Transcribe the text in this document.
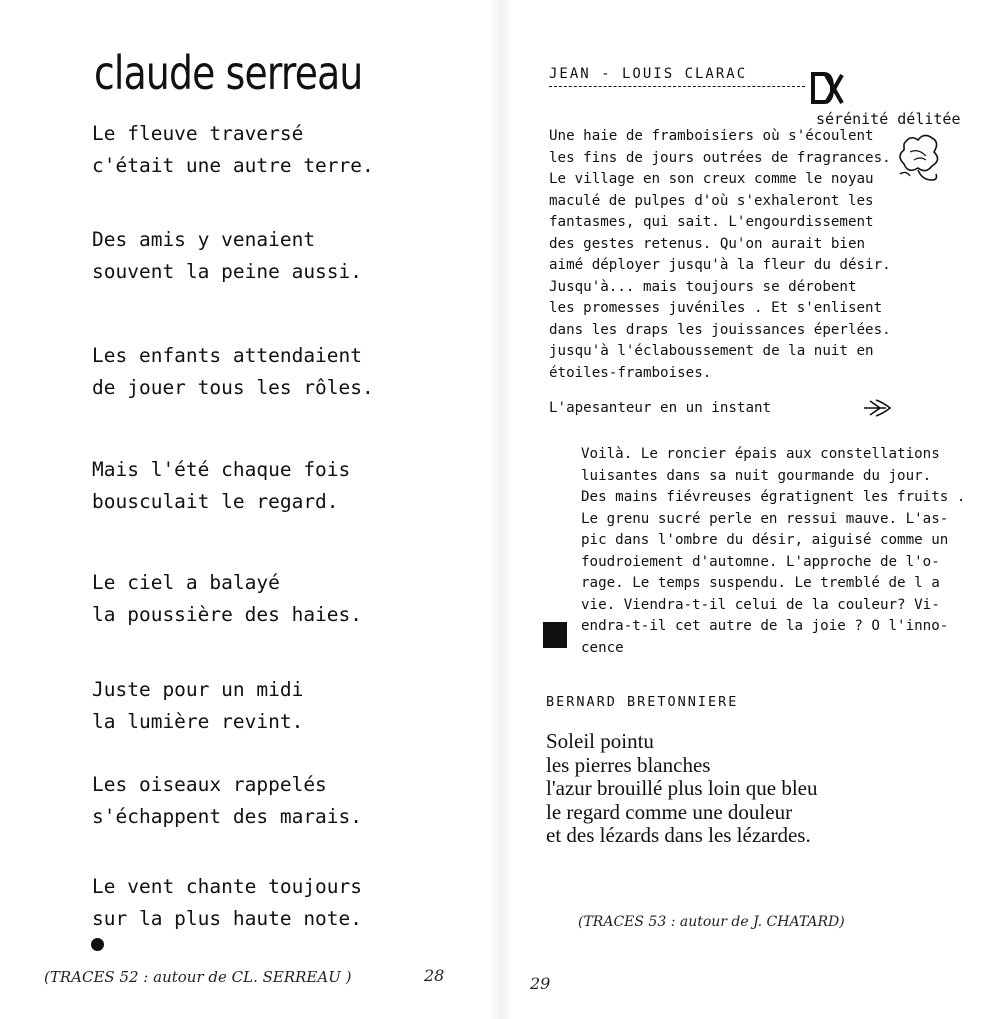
claude serreau
Le fleuve traversé
c'était une autre terre.
Des amis y venaient
souvent la peine aussi.
Les enfants attendaient
de jouer tous les rôles.
Mais l'été chaque fois
bousculait le regard.
Le ciel a balayé
la poussière des haies.
Juste pour un midi
la lumière revint.
Les oiseaux rappelés
s'échappent des marais.
Le vent chante toujours
sur la plus haute note.
(TRACES 52 : autour de CL. SERREAU )	28
JEAN - LOUIS CLARAC
sérénité délitée
Une haie de framboisiers où s'écoulent
les fins de jours outrées de fragrances.
Le village en son creux comme le noyau
maculé de pulpes d'où s'exhaleront les
fantasmes, qui sait. L'engourdissement
des gestes retenus. Qu'on aurait bien
aimé déployer jusqu'à la fleur du désir.
Jusqu'à... mais toujours se dérobent
les promesses juvéniles . Et s'enlisent
dans les draps les jouissances éperlées.
jusqu'à l'éclaboussement de la nuit en
étoiles-framboises.
L'apesanteur en un instant
Voilà. Le roncier épais aux constellations
luisantes dans sa nuit gourmande du jour.
Des mains fiévreuses égratignent les fruits .
Le grenu sucré perle en ressui mauve. L'as-
pic dans l'ombre du désir, aiguisé comme un
foudroiement d'automne. L'approche de l'o-
rage. Le temps suspendu. Le tremblé de l a
vie. Viendra-t-il celui de la couleur? Vi-
endra-t-il cet autre de la joie ? O l'inno-
cence
BERNARD BRETONNIERE
Soleil pointu
les pierres blanches
l'azur brouillé plus loin que bleu
le regard comme une douleur
et des lézards dans les lézardes.
(TRACES 53 : autour de J. CHATARD)
29
